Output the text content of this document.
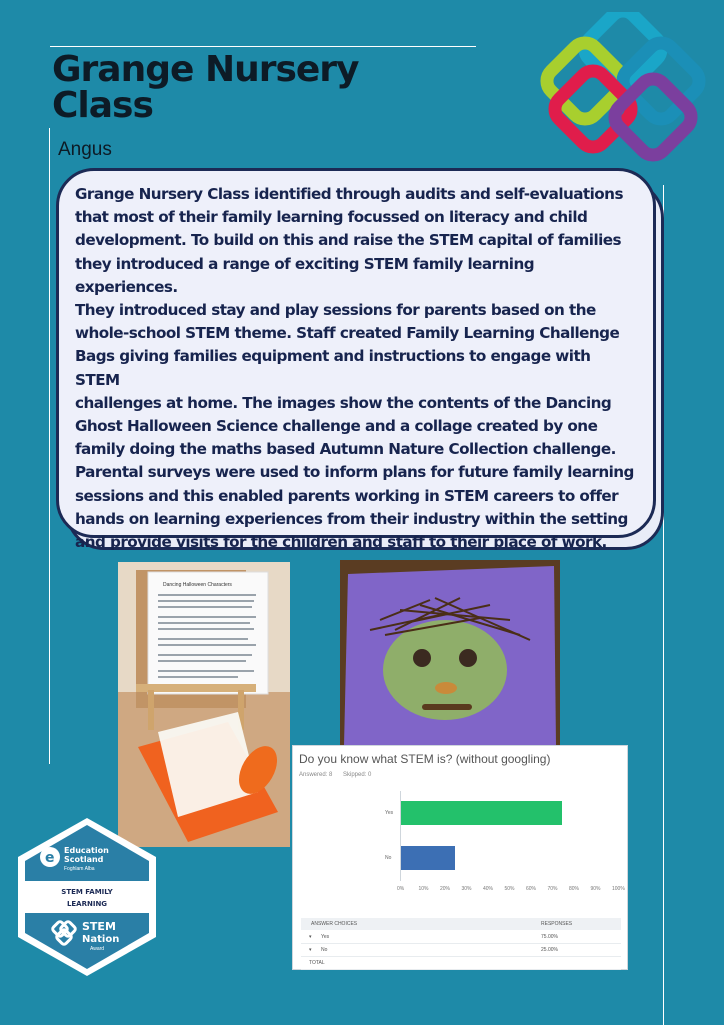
Grange Nursery
Class
Angus

Grange Nursery Class identified through audits and self-evaluations
that most of their family learning focussed on literacy and child
development. To build on this and raise the STEM capital of families
they introduced a range of exciting STEM family learning experiences.
They introduced stay and play sessions for parents based on the
whole-school STEM theme. Staff created Family Learning Challenge
Bags giving families equipment and instructions to engage with STEM
challenges at home. The images show the contents of the Dancing
Ghost Halloween Science challenge and a collage created by one
family doing the maths based Autumn Nature Collection challenge.
Parental surveys were used to inform plans for future family learning
sessions and this enabled parents working in STEM careers to offer
hands on learning experiences from their industry within the setting
and provide visits for the children and staff to their place of work.

Dancing Halloween Characters
Do you know what STEM is? (without googling)
Answered: 8 Skipped: 0
Yes
No
0%	10% 20% 30% 40% 50% 60% 70% 80% 90% 100%
ANSWER CHOICES	RESPONSES
▾ Yes	75.00%
▾ No	25.00%
TOTAL
e Education
Scotland
Foghlam Alba
STEM FAMILY
LEARNING
STEM
Nation
Award
